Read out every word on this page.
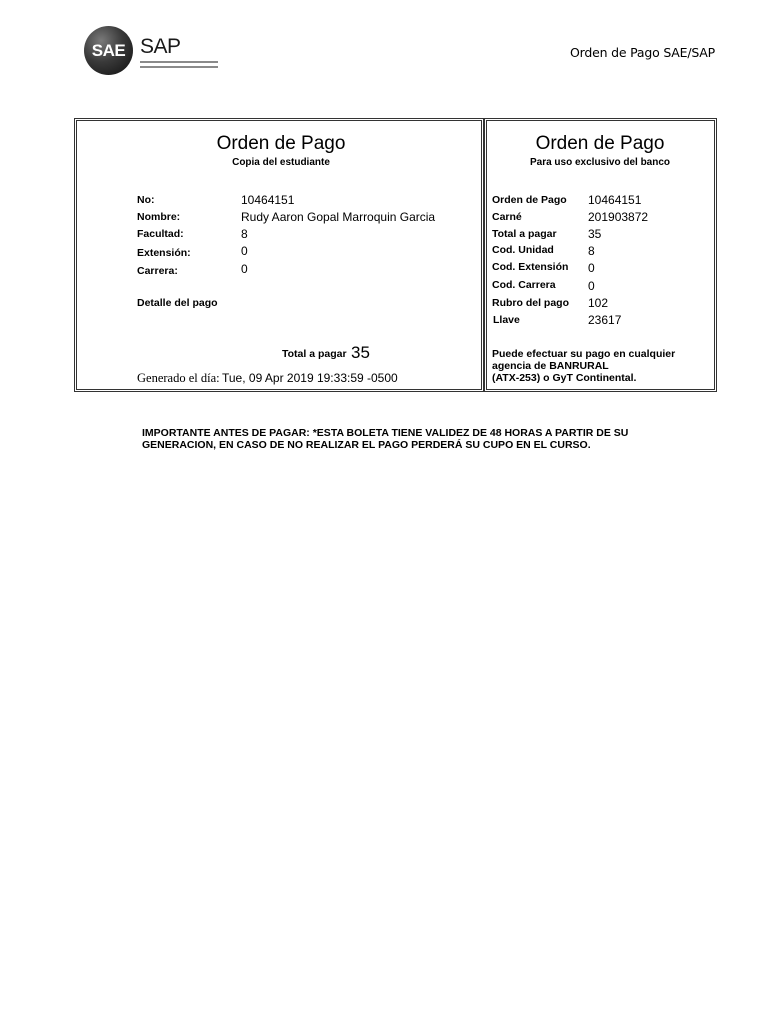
SAE SAP	Orden de Pago SAE/SAP
Orden de Pago
Copia del estudiante
No:	10464151
Nombre:	Rudy Aaron Gopal Marroquin Garcia
Facultad:	8
Extensión:	0
Carrera:	0
Detalle del pago
Total a pagar 35
Generado el día: Tue, 09 Apr 2019 19:33:59 -0500
Orden de Pago
Para uso exclusivo del banco
Orden de Pago 10464151
Carné	201903872
Total a pagar	35
Cod. Unidad	8
Cod. Extensión 0
Cod. Carrera	0
Rubro del pago 102
Llave	23617
Puede efectuar su pago en cualquier
agencia de BANRURAL
(ATX-253) o GyT Continental.
IMPORTANTE ANTES DE PAGAR: *ESTA BOLETA TIENE VALIDEZ DE 48 HORAS A PARTIR DE SU
GENERACION, EN CASO DE NO REALIZAR EL PAGO PERDERÁ SU CUPO EN EL CURSO.
